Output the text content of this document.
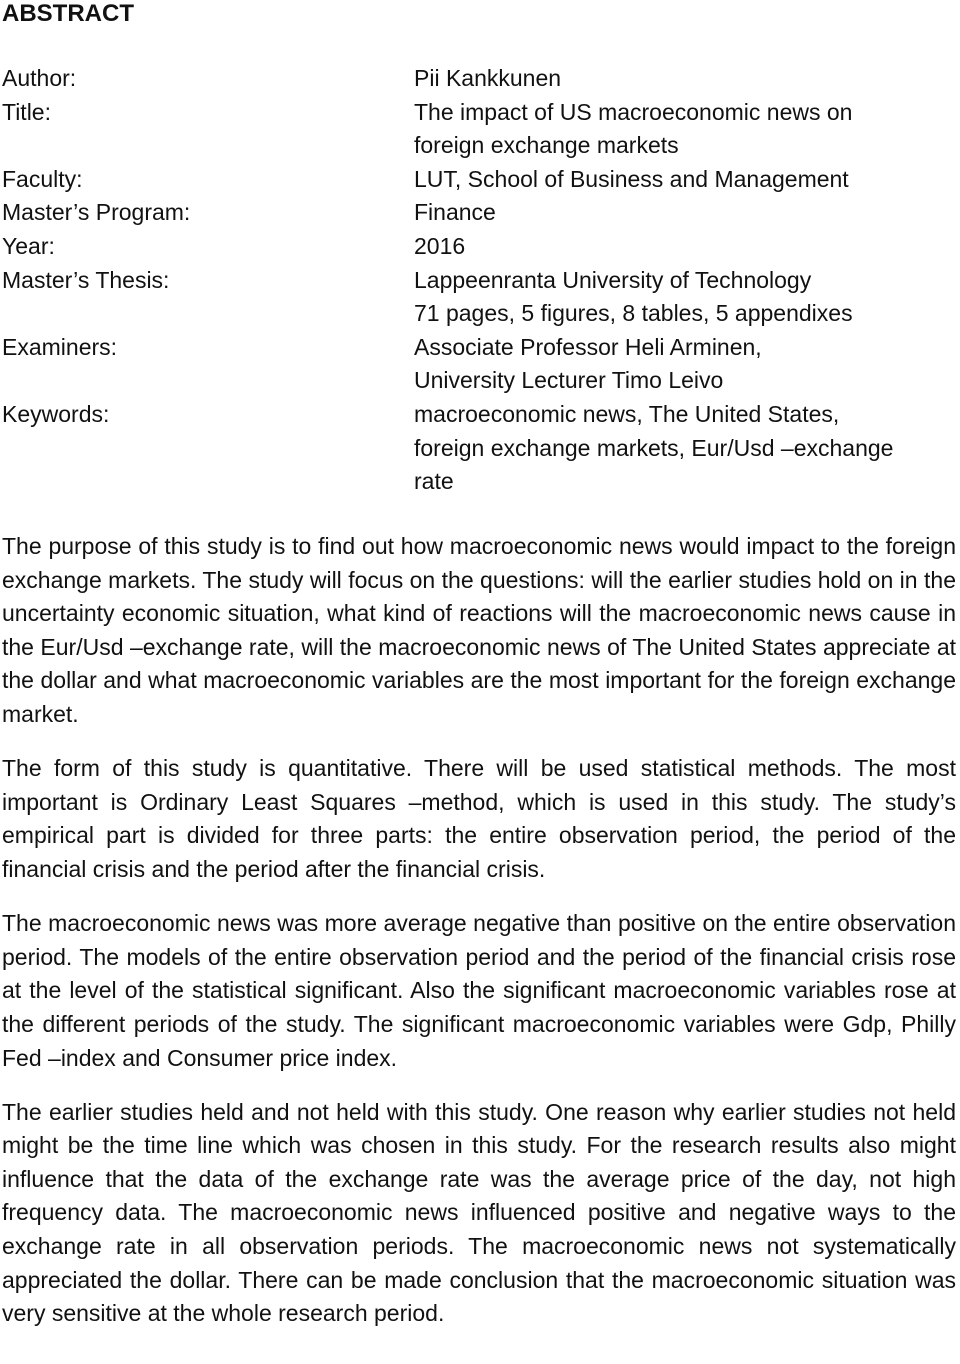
ABSTRACT
Author:	Pii Kankkunen
Title:	The impact of US macroeconomic news on
foreign exchange markets
Faculty:	LUT, School of Business and Management
Master’s Program:	Finance
Year:	2016
Master’s Thesis:	Lappeenranta University of Technology
71 pages, 5 figures, 8 tables, 5 appendixes
Examiners:	Associate Professor Heli Arminen,
University Lecturer Timo Leivo
Keywords:	macroeconomic news, The United States,
foreign exchange markets, Eur/Usd –exchange
rate

The purpose of this study is to find out how macroeconomic news would impact to the foreign exchange markets. The study will focus on the questions: will the earlier studies hold on in the uncertainty economic situation, what kind of reactions will the macroeconomic news cause in the Eur/Usd –exchange rate, will the macroeconomic news of The United States appreciate at the dollar and what macroeconomic variables are the most important for the foreign exchange market.

The form of this study is quantitative. There will be used statistical methods. The most important is Ordinary Least Squares –method, which is used in this study. The study’s empirical part is divided for three parts: the entire observation period, the period of the financial crisis and the period after the financial crisis.

The macroeconomic news was more average negative than positive on the entire observation period. The models of the entire observation period and the period of the financial crisis rose at the level of the statistical significant. Also the significant macroeconomic variables rose at the different periods of the study. The significant macroeconomic variables were Gdp, Philly Fed –index and Consumer price index.

The earlier studies held and not held with this study. One reason why earlier studies not held might be the time line which was chosen in this study. For the research results also might influence that the data of the exchange rate was the average price of the day, not high frequency data. The macroeconomic news influenced positive and negative ways to the exchange rate in all observation periods. The macroeconomic news not systematically appreciated the dollar. There can be made conclusion that the macroeconomic situation was very sensitive at the whole research period.
